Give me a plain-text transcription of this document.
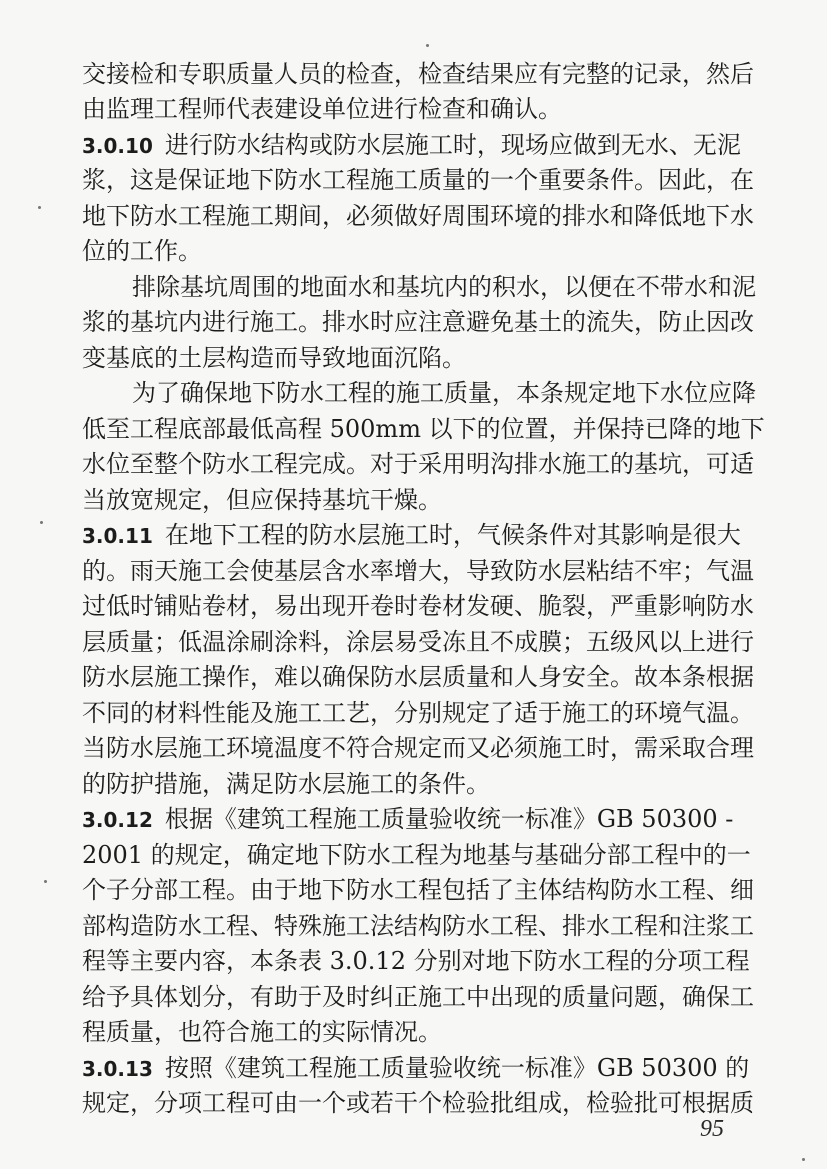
交接检和专职质量人员的检查，检查结果应有完整的记录，然后
由监理工程师代表建设单位进行检查和确认。
3.0.10 进行防水结构或防水层施工时，现场应做到无水、无泥
浆，这是保证地下防水工程施工质量的一个重要条件。因此，在
地下防水工程施工期间，必须做好周围环境的排水和降低地下水
位的工作。
排除基坑周围的地面水和基坑内的积水，以便在不带水和泥
浆的基坑内进行施工。排水时应注意避免基土的流失，防止因改
变基底的土层构造而导致地面沉陷。
为了确保地下防水工程的施工质量，本条规定地下水位应降
低至工程底部最低高程 500mm 以下的位置，并保持已降的地下
水位至整个防水工程完成。对于采用明沟排水施工的基坑，可适
当放宽规定，但应保持基坑干燥。
3.0.11 在地下工程的防水层施工时，气候条件对其影响是很大
的。雨天施工会使基层含水率增大，导致防水层粘结不牢；气温
过低时铺贴卷材，易出现开卷时卷材发硬、脆裂，严重影响防水
层质量；低温涂刷涂料，涂层易受冻且不成膜；五级风以上进行
防水层施工操作，难以确保防水层质量和人身安全。故本条根据
不同的材料性能及施工工艺，分别规定了适于施工的环境气温。
当防水层施工环境温度不符合规定而又必须施工时，需采取合理
的防护措施，满足防水层施工的条件。
3.0.12 根据《建筑工程施工质量验收统一标准》GB 50300 -
2001 的规定，确定地下防水工程为地基与基础分部工程中的一
个子分部工程。由于地下防水工程包括了主体结构防水工程、细
部构造防水工程、特殊施工法结构防水工程、排水工程和注浆工
程等主要内容，本条表 3.0.12 分别对地下防水工程的分项工程
给予具体划分，有助于及时纠正施工中出现的质量问题，确保工
程质量，也符合施工的实际情况。
3.0.13 按照《建筑工程施工质量验收统一标准》GB 50300 的
规定，分项工程可由一个或若干个检验批组成，检验批可根据质
95
